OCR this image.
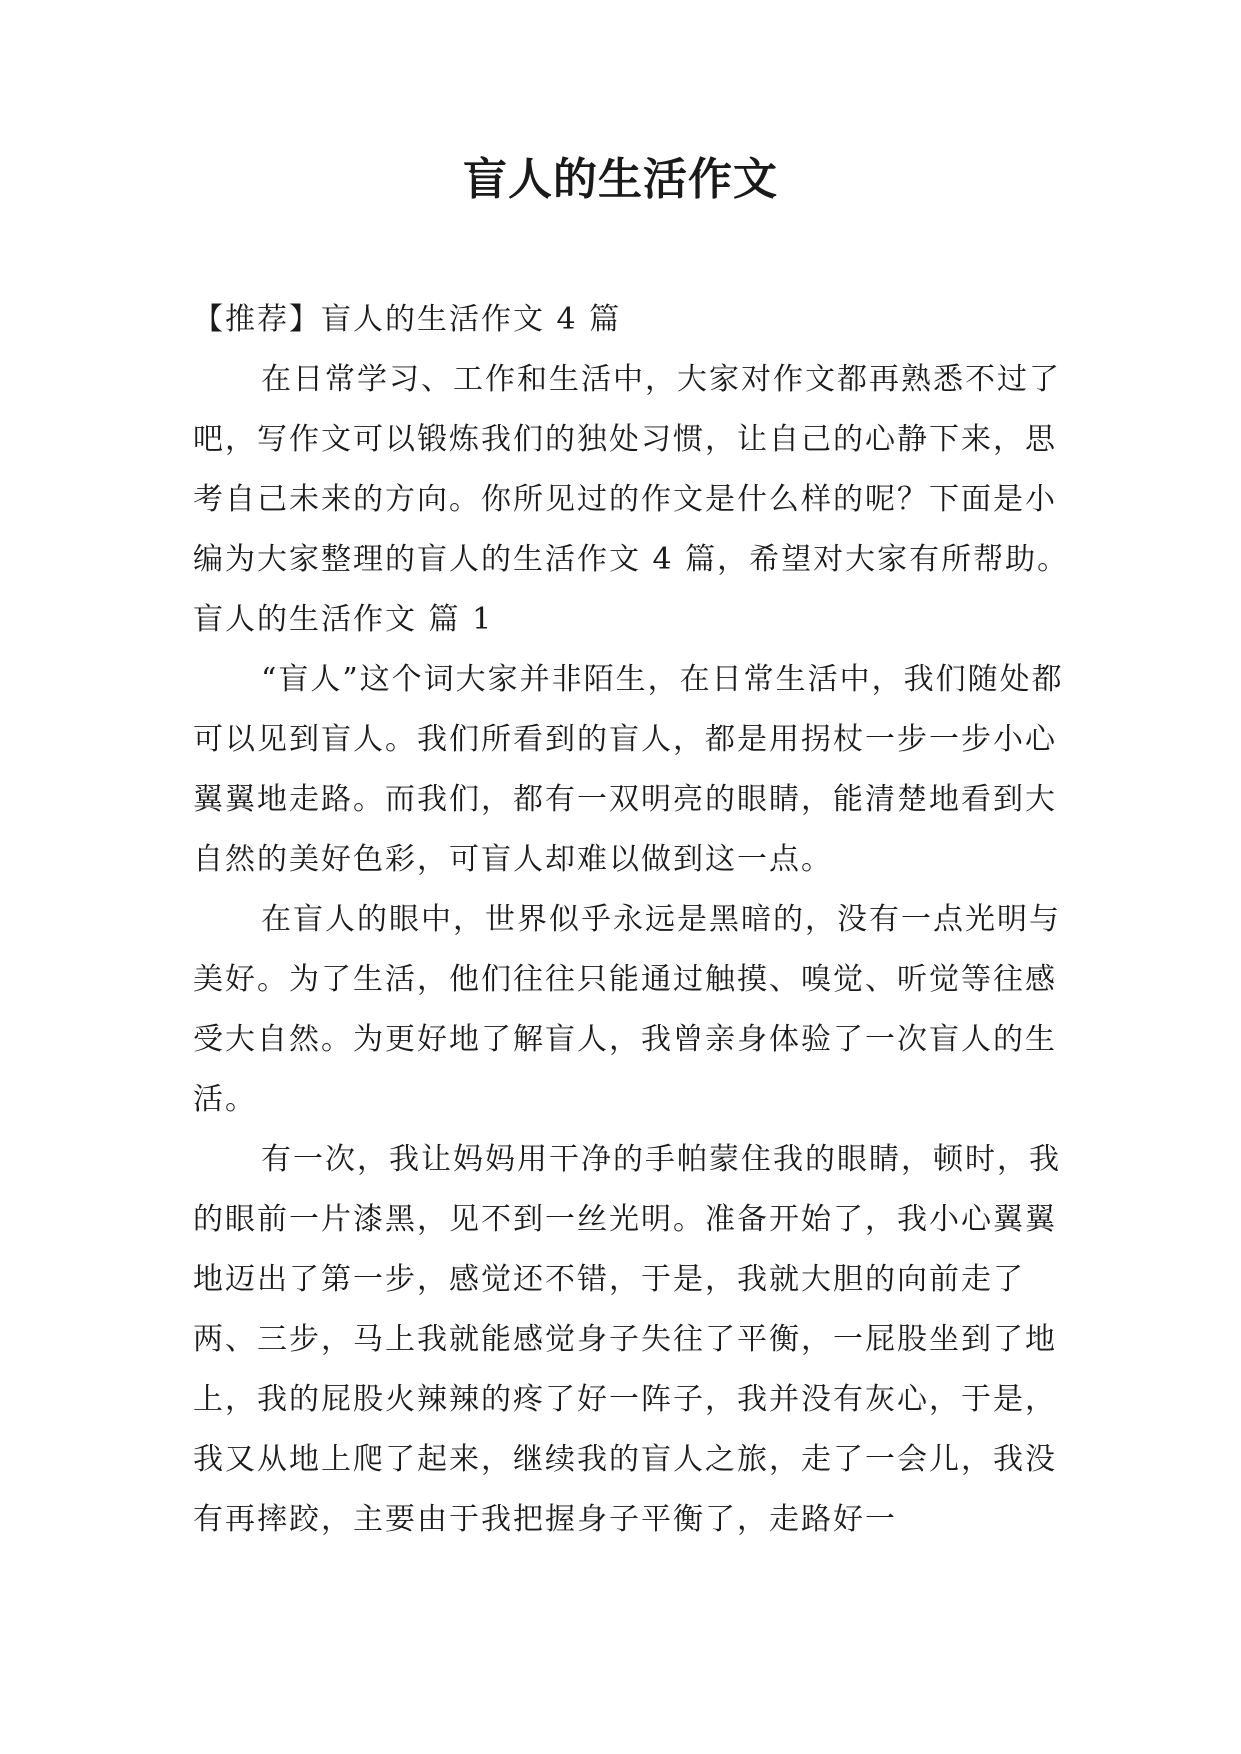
盲人的生活作文

【推荐】盲人的生活作文 4 篇

在日常学习、工作和生活中，大家对作文都再熟悉不过了吧，写作文可以锻炼我们的独处习惯，让自己的心静下来，思考自己未来的方向。你所见过的作文是什么样的呢？下面是小编为大家整理的盲人的生活作文 4 篇，希望对大家有所帮助。

盲人的生活作文 篇 1

“盲人”这个词大家并非陌生，在日常生活中，我们随处都可以见到盲人。我们所看到的盲人，都是用拐杖一步一步小心翼翼地走路。而我们，都有一双明亮的眼睛，能清楚地看到大自然的美好色彩，可盲人却难以做到这一点。

在盲人的眼中，世界似乎永远是黑暗的，没有一点光明与美好。为了生活，他们往往只能通过触摸、嗅觉、听觉等往感受大自然。为更好地了解盲人，我曾亲身体验了一次盲人的生活。

有一次，我让妈妈用干净的手帕蒙住我的眼睛，顿时，我的眼前一片漆黑，见不到一丝光明。准备开始了，我小心翼翼地迈出了第一步，感觉还不错，于是，我就大胆的向前走了两、三步，马上我就能感觉身子失往了平衡，一屁股坐到了地上，我的屁股火辣辣的疼了好一阵子，我并没有灰心，于是，我又从地上爬了起来，继续我的盲人之旅，走了一会儿，我没有再摔跤，主要由于我把握身子平衡了，走路好一
